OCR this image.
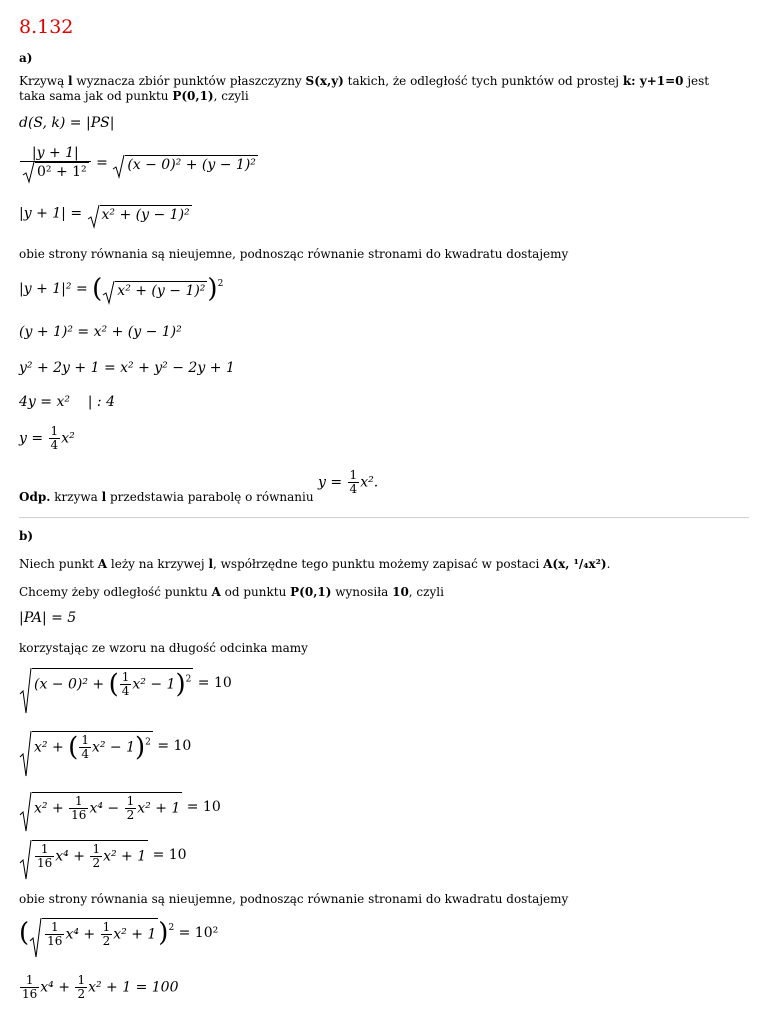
8.132
a)
Krzywą l wyznacza zbiór punktów płaszczyzny S(x,y) takich, że odległość tych punktów od prostej k: y+1=0 jest taka sama jak od punktu P(0,1), czyli
d(S, k) = |PS|
$\frac{|y + 1|}{\text{0² + 1²}}$ =
(x − 0)² + (y − 1)²
|y + 1| = x² + (y − 1)²
obie strony równania są nieujemne, podnosząc równanie stronami do kwadratu dostajemy
|y + 1|² = ( x² + (y − 1)²)$^2$
(y + 1)² = x² + (y − 1)²
y² + 2y + 1 = x² + y² − 2y + 1
4y = x²    | : 4
$y = \frac{1}{4} x^2$
Odp. krzywa l przedstawia parabolę o równaniu
$y = \frac{1}{4} x^2$.
b)
Niech punkt A leży na krzywej l, współrzędne tego punktu możemy zapisać w postaci A(x, ¹/₄x²).
Chcemy żeby odległość punktu A od punktu P(0,1) wynosiła 10, czyli
|PA| = 5
korzystając ze wzoru na długość odcinka mamy
(x − 0)² + ( $\frac{1}{4} x^2 - 1)^2 = 10$
x² + ( $\frac{1}{4} x^2 - 1)^2 = 10$
$x^2 + \frac{1}{16} x^4 - \frac{1}{2} x^2 + 1 = 10$
$\frac{1}{16} x^4 + \frac{1}{2} x^2 + 1 = 10$
obie strony równania są nieujemne, podnosząc równanie stronami do kwadratu dostajemy
( $\frac{1}{16} x^4 + \frac{1}{2} x^2 + 1)^2 = 10^2$
$\frac{1}{16} x^4 + \frac{1}{2} x^2 + 1 = 100$
